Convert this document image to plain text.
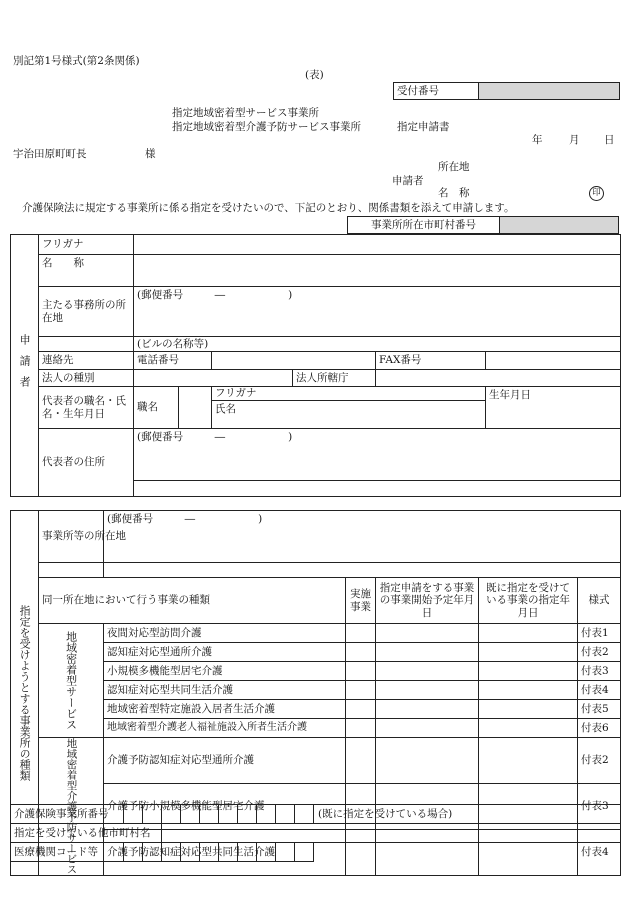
別記第1号様式(第2条関係)
(表)
受付番号	
指定地域密着型サービス事業所
指定地域密着型介護予防サービス事業所	指定申請書
年	月 日
宇治田原町町長	様
所在地
申請者
名　称	印
介護保険法に規定する事業所に係る指定を受けたいので、下記のとおり、関係書類を添えて申請します。
事業所所在市町村番号	
申請者	フリガナ						
	名　　称						
	主たる事務所の所在地	(郵便番号　　　―　　　　　　)					
		(ビルの名称等)					
	連絡先	電話番号				FAX番号	
	法人の種別				法人所轄庁		
	代表者の職名・氏名・生年月日	職名		フリガナ			生年月日
				氏名			
	代表者の住所	(郵便番号　　　―　　　　　　)					

指定を受けようとする事業所の種類	事業所等の所在地	(郵便番号　　　―　　　　　　)				

	同一所在地において行う事業の種類		実施事業	指定申請をする事業の事業開始予定年月日	既に指定を受けている事業の指定年月日	様式
	地域密着型サービス	夜間対応型訪問介護				付表1
		認知症対応型通所介護				付表2
		小規模多機能型居宅介護				付表3
		認知症対応型共同生活介護				付表4
		地域密着型特定施設入居者生活介護				付表5
		地域密着型介護老人福祉施設入所者生活介護				付表6
	地域密着型介護予防サービス	介護予防認知症対応型通所介護				付表2
		介護予防小規模多機能型居宅介護				付表3
		介護予防認知症対応型共同生活介護				付表4
介護保険事業所番号											(既に指定を受けている場合)
指定を受けている他市町村名											
医療機関コード等											
